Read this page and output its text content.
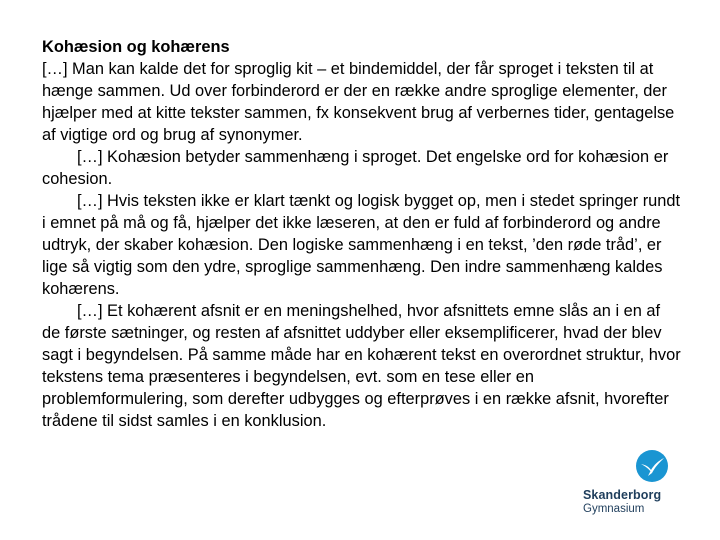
Kohæsion og kohærens

[…] Man kan kalde det for sproglig kit – et bindemiddel, der får sproget i teksten til at hænge sammen. Ud over forbinderord er der en række andre sproglige elementer, der hjælper med at kitte tekster sammen, fx konsekvent brug af verbernes tider, gentagelse af vigtige ord og brug af synonymer.

[…] Kohæsion betyder sammenhæng i sproget. Det engelske ord for kohæsion er cohesion.

[…] Hvis teksten ikke er klart tænkt og logisk bygget op, men i stedet springer rundt i emnet på må og få, hjælper det ikke læseren, at den er fuld af forbinderord og andre udtryk, der skaber kohæsion. Den logiske sammenhæng i en tekst, ’den røde tråd’, er lige så vigtig som den ydre, sproglige sammenhæng. Den indre sammenhæng kaldes kohærens.

[…] Et kohærent afsnit er en meningshelhed, hvor afsnittets emne slås an i en af de første sætninger, og resten af afsnittet uddyber eller eksemplificerer, hvad der blev sagt i begyndelsen. På samme måde har en kohærent tekst en overordnet struktur, hvor tekstens tema præsenteres i begyndelsen, evt. som en tese eller en problemformulering, som derefter udbygges og efterprøves i en række afsnit, hvorefter trådene til sidst samles i en konklusion.

Skanderborg
Gymnasium
